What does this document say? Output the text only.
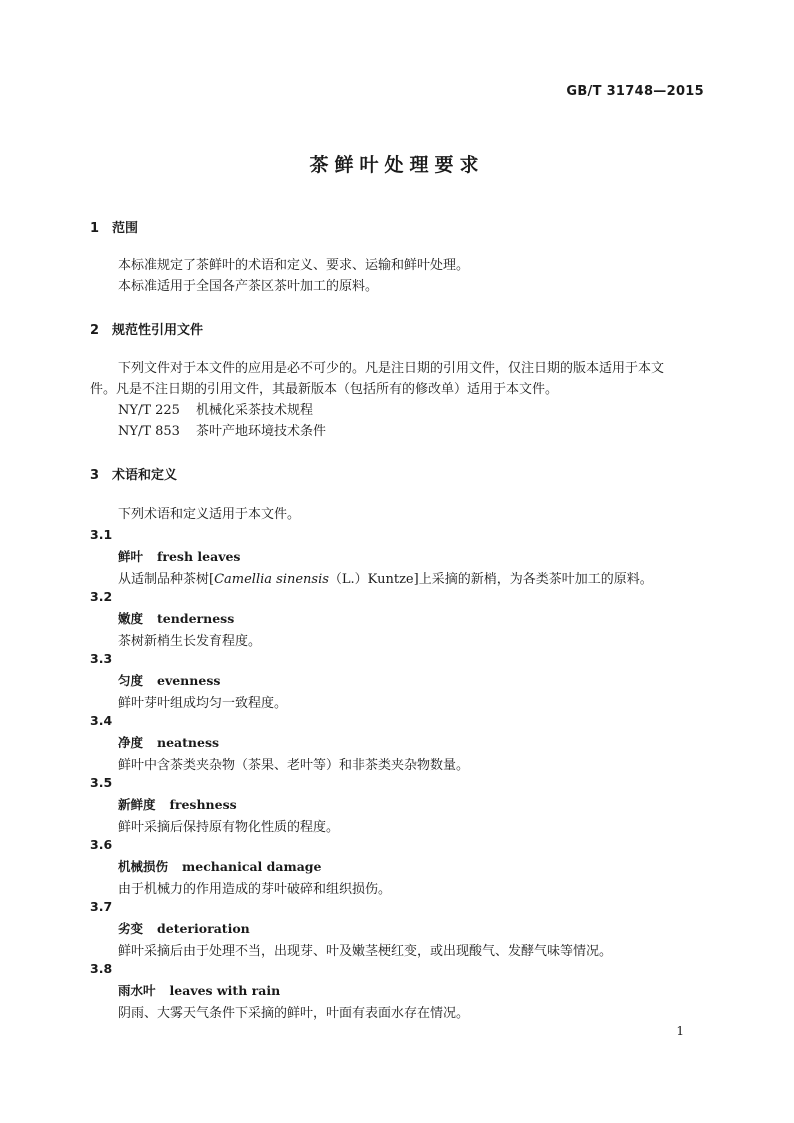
GB/T 31748—2015
茶鲜叶处理要求
1 范围
本标准规定了茶鲜叶的术语和定义、要求、运输和鲜叶处理。
本标准适用于全国各产茶区茶叶加工的原料。
2 规范性引用文件
下列文件对于本文件的应用是必不可少的。凡是注日期的引用文件，仅注日期的版本适用于本文
件。凡是不注日期的引用文件，其最新版本（包括所有的修改单）适用于本文件。
NY/T 225 机械化采茶技术规程
NY/T 853 茶叶产地环境技术条件
3 术语和定义
下列术语和定义适用于本文件。
3.1
鲜叶 fresh leaves
从适制品种茶树[Camellia sinensis（L.）Kuntze]上采摘的新梢，为各类茶叶加工的原料。
3.2
嫩度 tenderness
茶树新梢生长发育程度。
3.3
匀度 evenness
鲜叶芽叶组成均匀一致程度。
3.4
净度 neatness
鲜叶中含茶类夹杂物（茶果、老叶等）和非茶类夹杂物数量。
3.5
新鲜度 freshness
鲜叶采摘后保持原有物化性质的程度。
3.6
机械损伤 mechanical damage
由于机械力的作用造成的芽叶破碎和组织损伤。
3.7
劣变 deterioration
鲜叶采摘后由于处理不当，出现芽、叶及嫩茎梗红变，或出现酸气、发酵气味等情况。
3.8
雨水叶 leaves with rain
阴雨、大雾天气条件下采摘的鲜叶，叶面有表面水存在情况。
1
